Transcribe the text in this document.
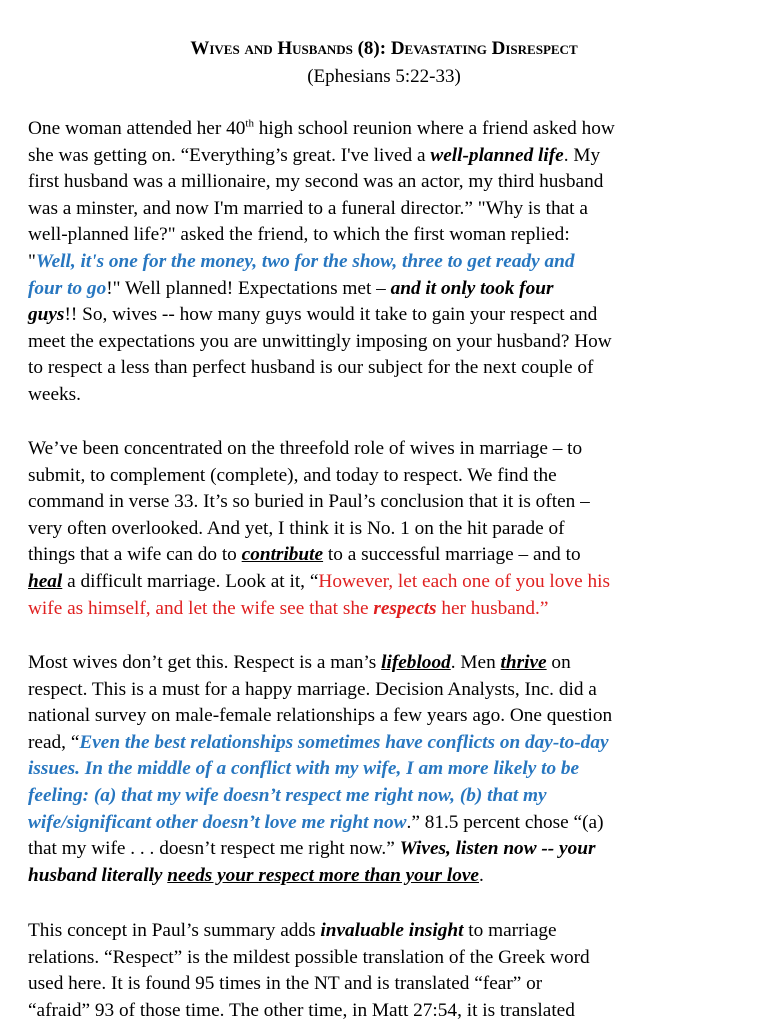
Wives and Husbands (8): Devastating Disrespect
(Ephesians 5:22-33)
One woman attended her 40th high school reunion where a friend asked how
she was getting on. “Everything’s great. I've lived a well-planned life. My
first husband was a millionaire, my second was an actor, my third husband
was a minster, and now I'm married to a funeral director.” "Why is that a
well-planned life?" asked the friend, to which the first woman replied:
"Well, it's one for the money, two for the show, three to get ready and
four to go!" Well planned! Expectations met – and it only took four
guys!! So, wives -- how many guys would it take to gain your respect and
meet the expectations you are unwittingly imposing on your husband? How
to respect a less than perfect husband is our subject for the next couple of
weeks.
We’ve been concentrated on the threefold role of wives in marriage – to
submit, to complement (complete), and today to respect. We find the
command in verse 33. It’s so buried in Paul’s conclusion that it is often –
very often overlooked. And yet, I think it is No. 1 on the hit parade of
things that a wife can do to contribute to a successful marriage – and to
heal a difficult marriage. Look at it, “However, let each one of you love his
wife as himself, and let the wife see that she respects her husband.”
Most wives don’t get this. Respect is a man’s lifeblood. Men thrive on
respect. This is a must for a happy marriage. Decision Analysts, Inc. did a
national survey on male-female relationships a few years ago. One question
read, “Even the best relationships sometimes have conflicts on day-to-day
issues. In the middle of a conflict with my wife, I am more likely to be
feeling: (a) that my wife doesn’t respect me right now, (b) that my
wife/significant other doesn’t love me right now.” 81.5 percent chose “(a)
that my wife . . . doesn’t respect me right now.” Wives, listen now -- your
husband literally needs your respect more than your love.
This concept in Paul’s summary adds invaluable insight to marriage
relations. “Respect” is the mildest possible translation of the Greek word
used here. It is found 95 times in the NT and is translated “fear” or
“afraid” 93 of those time. The other time, in Matt 27:54, it is translated
